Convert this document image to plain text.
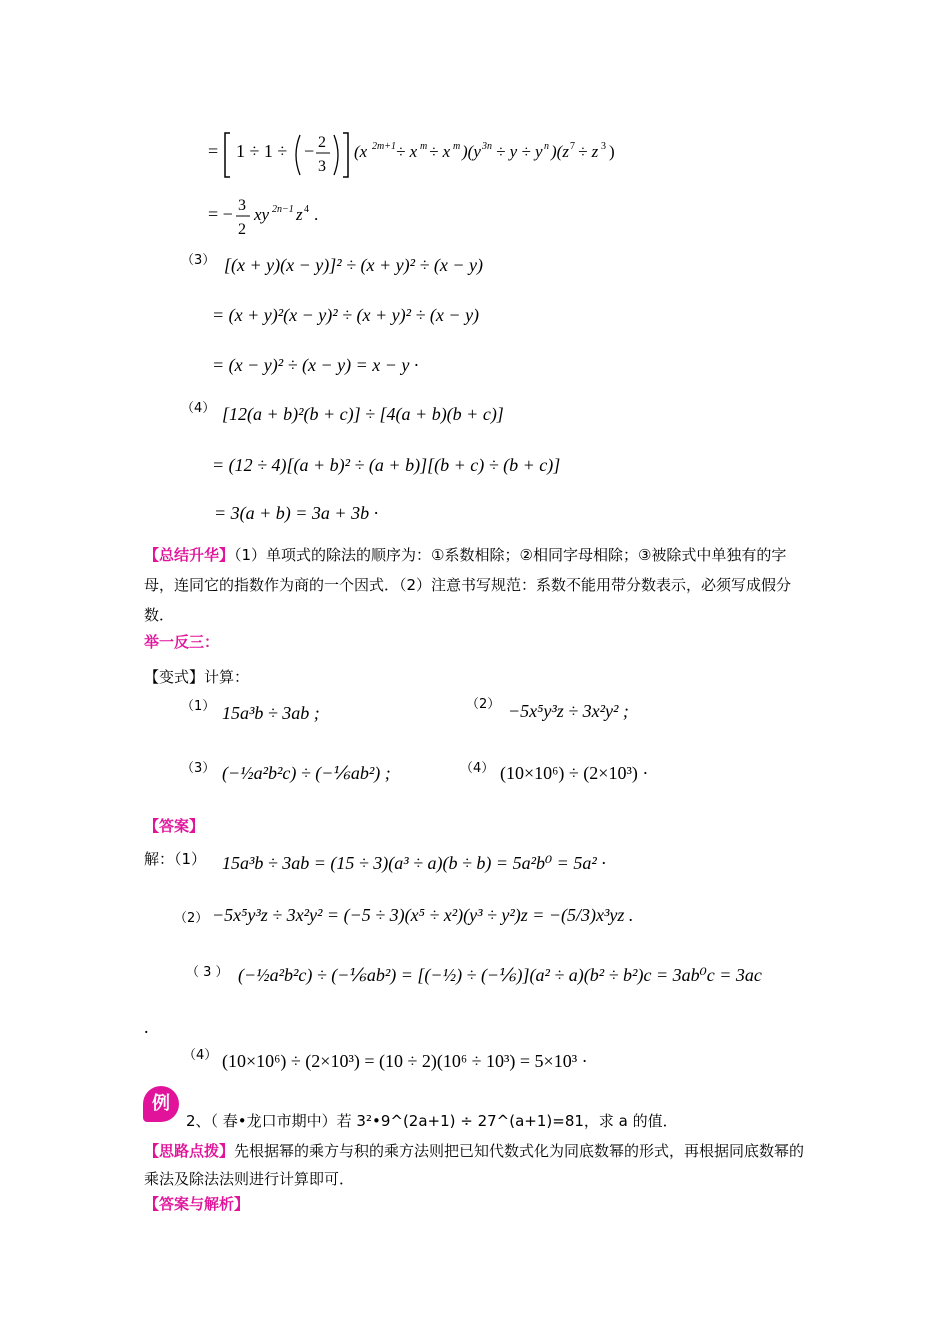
= 1 ÷ 1 ÷ − 2
3
(x 2m+1 ÷ x m ÷ x m )(y 3n ÷ y ÷ y n )(z 7 ÷ z 3 )
= − 3
2
xy 2n−1 z 4 .
（3） [(x + y)(x − y)]² ÷ (x + y)² ÷ (x − y)
= (x + y)²(x − y)² ÷ (x + y)² ÷ (x − y)
= (x − y)² ÷ (x − y) = x − y ·
（4） [12(a + b)²(b + c)] ÷ [4(a + b)(b + c)]
= (12 ÷ 4)[(a + b)² ÷ (a + b)][(b + c) ÷ (b + c)]
= 3(a + b) = 3a + 3b ·
【总结升华】（1）单项式的除法的顺序为：①系数相除；②相同字母相除；③被除式中单独有的字母，连同它的指数作为商的一个因式．（2）注意书写规范：系数不能用带分数表示，必须写成假分数．
举一反三：
【变式】计算：
（1） 15a³b ÷ 3ab ;	（2） −5x⁵y³z ÷ 3x²y² ;
（3） (−½a²b²c) ÷ (−⅙ab²) ;	（4） (10×10⁶) ÷ (2×10³) ·
【答案】
解：（1） 15a³b ÷ 3ab = (15 ÷ 3)(a³ ÷ a)(b ÷ b) = 5a²b⁰ = 5a² ·
（2） −5x⁵y³z ÷ 3x²y² = (−5 ÷ 3)(x⁵ ÷ x²)(y³ ÷ y²)z = −(5/3)x³yz .
（ 3 ） (−½a²b²c) ÷ (−⅙ab²) = [(−½) ÷ (−⅙)](a² ÷ a)(b² ÷ b²)c = 3ab⁰c = 3ac
.
（4） (10×10⁶) ÷ (2×10³) = (10 ÷ 2)(10⁶ ÷ 10³) = 5×10³ ·
例
2、（ 春•龙口市期中）若 3²•9^(2a+1) ÷ 27^(a+1)=81，求 a 的值．
【思路点拨】先根据幂的乘方与积的乘方法则把已知代数式化为同底数幂的形式，再根据同底数幂的乘法及除法法则进行计算即可．
【答案与解析】
